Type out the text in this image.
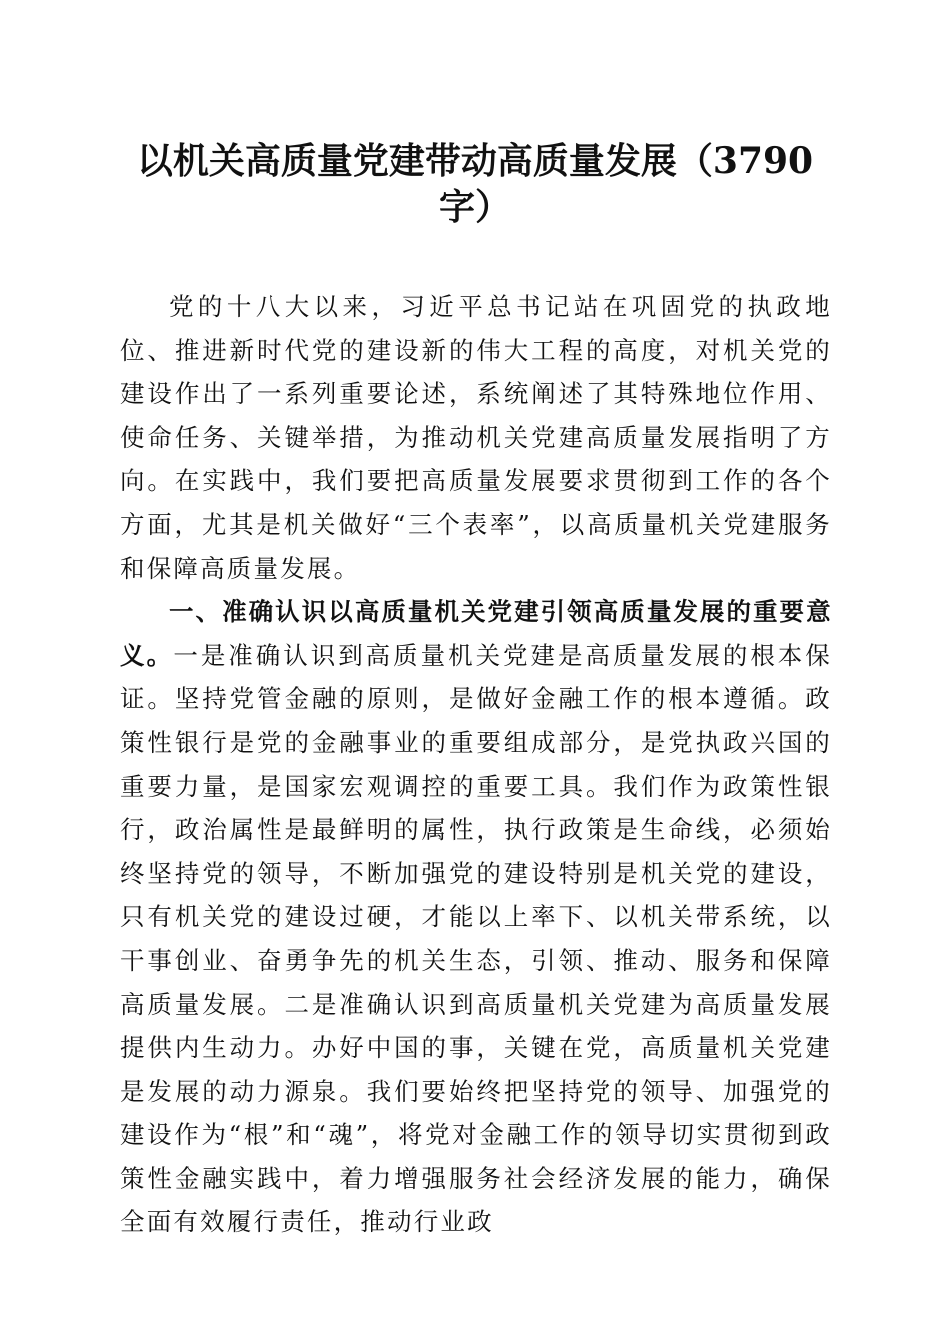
以机关高质量党建带动高质量发展（3790字）

党的十八大以来，习近平总书记站在巩固党的执政地位、推进新时代党的建设新的伟大工程的高度，对机关党的建设作出了一系列重要论述，系统阐述了其特殊地位作用、使命任务、关键举措，为推动机关党建高质量发展指明了方向。在实践中，我们要把高质量发展要求贯彻到工作的各个方面，尤其是机关做好“三个表率”，以高质量机关党建服务和保障高质量发展。

一、准确认识以高质量机关党建引领高质量发展的重要意义。一是准确认识到高质量机关党建是高质量发展的根本保证。坚持党管金融的原则，是做好金融工作的根本遵循。政策性银行是党的金融事业的重要组成部分，是党执政兴国的重要力量，是国家宏观调控的重要工具。我们作为政策性银行，政治属性是最鲜明的属性，执行政策是生命线，必须始终坚持党的领导，不断加强党的建设特别是机关党的建设，只有机关党的建设过硬，才能以上率下、以机关带系统，以干事创业、奋勇争先的机关生态，引领、推动、服务和保障高质量发展。二是准确认识到高质量机关党建为高质量发展提供内生动力。办好中国的事，关键在党，高质量机关党建是发展的动力源泉。我们要始终把坚持党的领导、加强党的建设作为“根”和“魂”，将党对金融工作的领导切实贯彻到政策性金融实践中，着力增强服务社会经济发展的能力，确保全面有效履行责任，推动行业政
